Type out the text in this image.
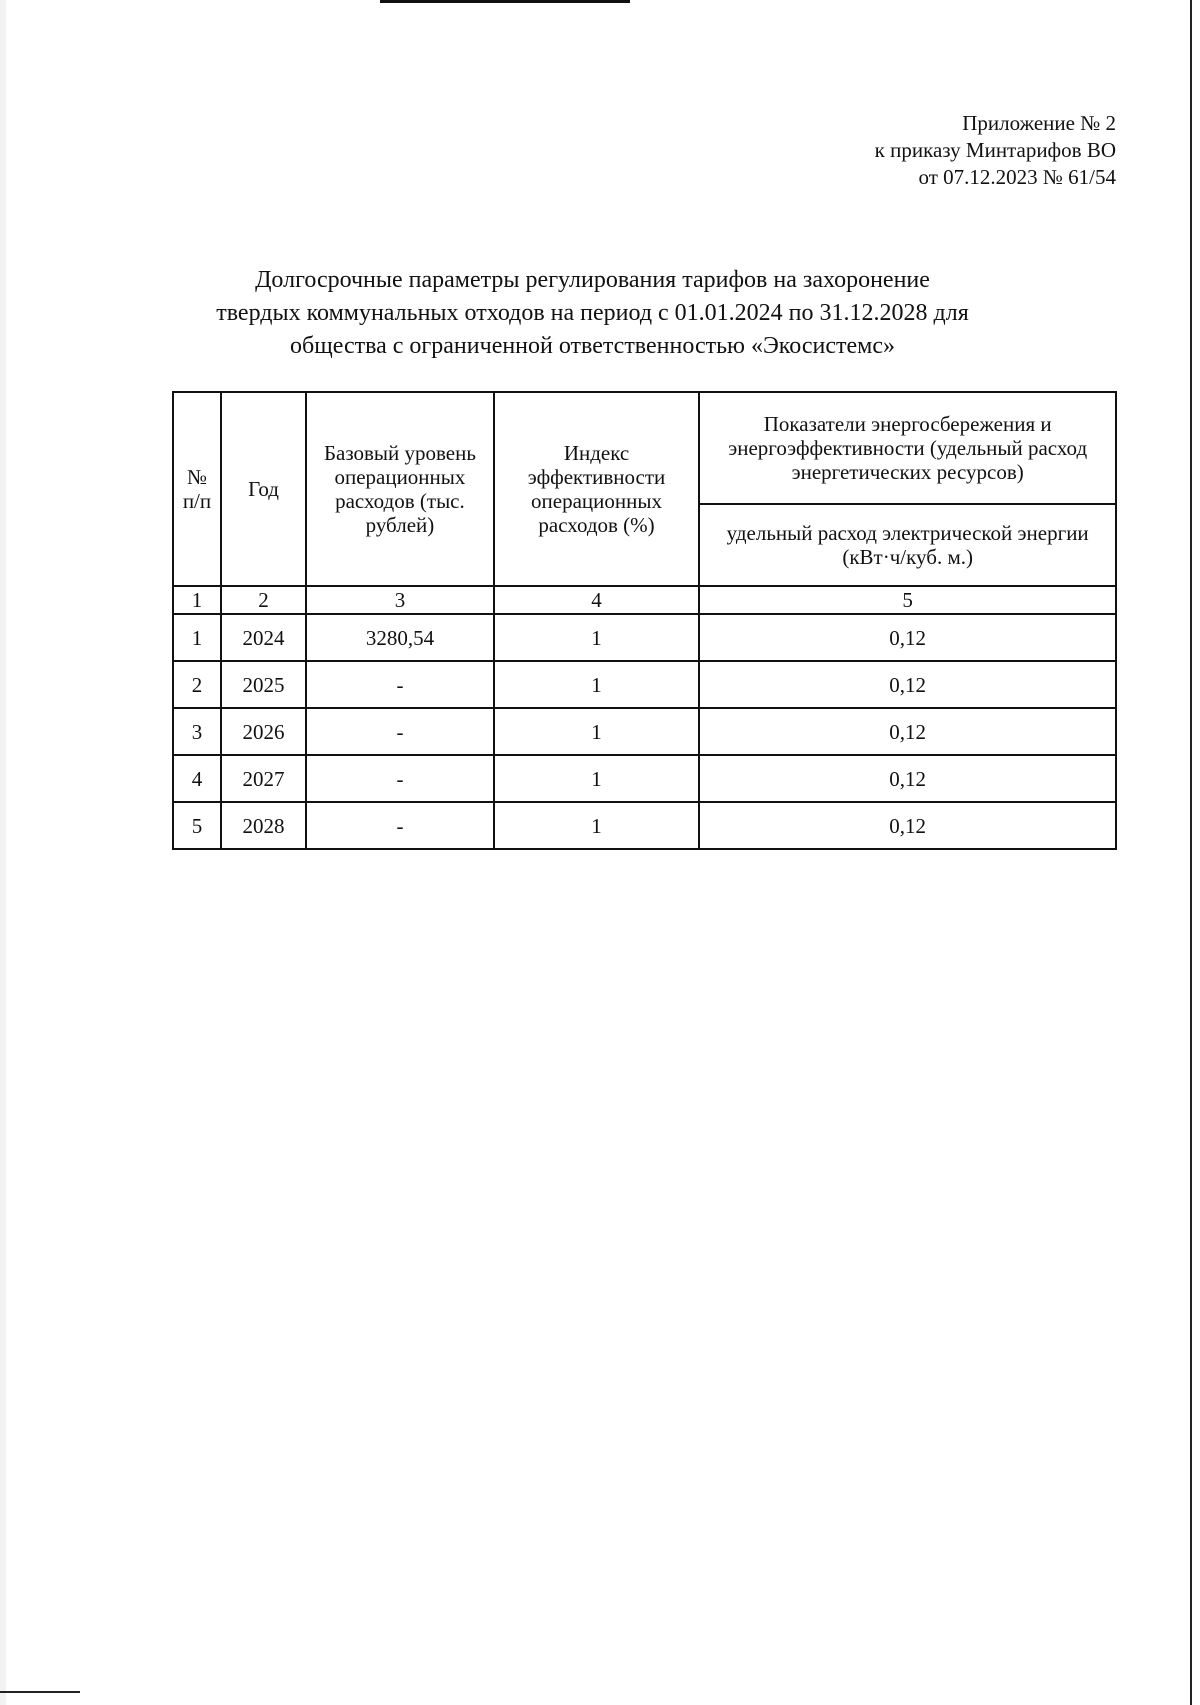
Приложение № 2
к приказу Минтарифов ВО
от 07.12.2023 № 61/54
Долгосрочные параметры регулирования тарифов на захоронение
твердых коммунальных отходов на период с 01.01.2024 по 31.12.2028 для
общества с ограниченной ответственностью «Экосистемс»
№ п/п	Год	Базовый уровень операционных расходов (тыс. рублей)	Индекс эффективности операционных расходов (%)	Показатели энергосбережения и энергоэффективности (удельный расход энергетических ресурсов)
				удельный расход электрической энергии (кВт·ч/куб. м.)
1	2	3	4	5
1	2024	3280,54	1	0,12
2	2025	-	1	0,12
3	2026	-	1	0,12
4	2027	-	1	0,12
5	2028	-	1	0,12
